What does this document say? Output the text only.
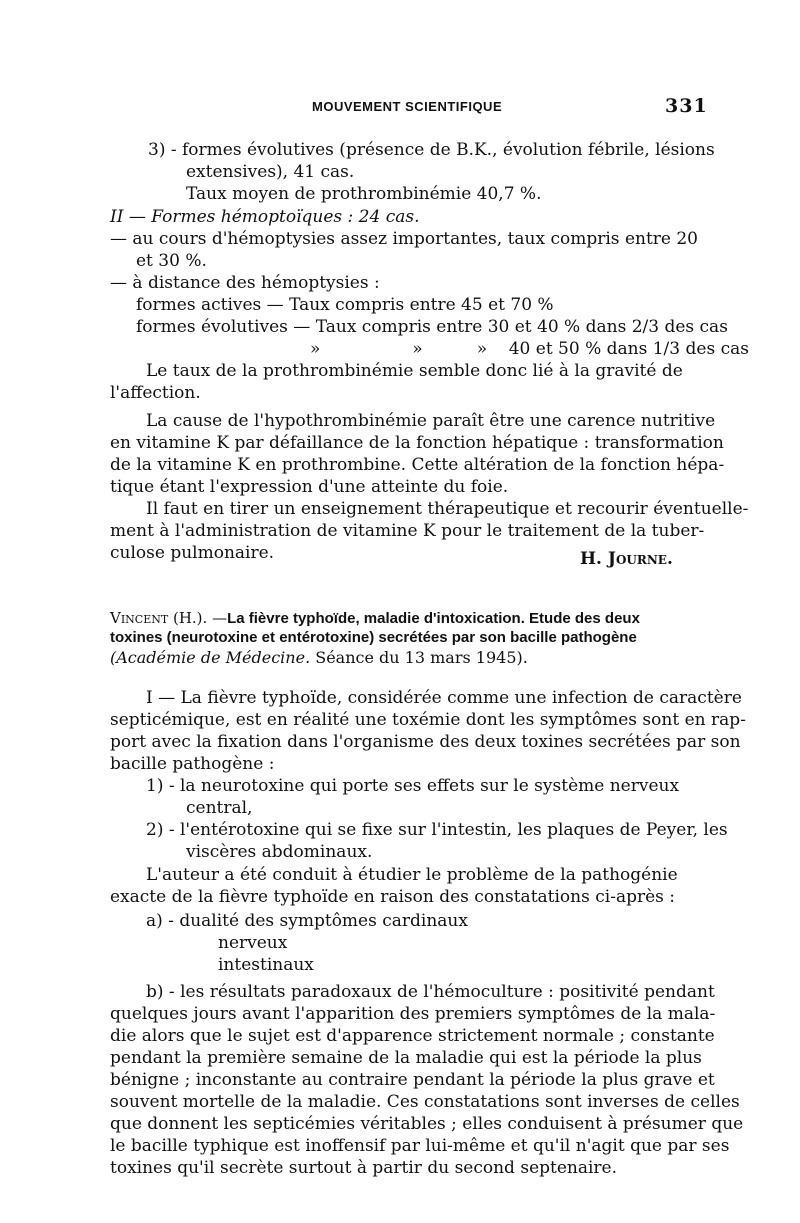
MOUVEMENT SCIENTIFIQUE	331
3) - formes évolutives (présence de B.K., évolution fébrile, lésions
extensives), 41 cas.
Taux moyen de prothrombinémie 40,7 %.
II — Formes hémoptoïques : 24 cas.
— au cours d'hémoptysies assez importantes, taux compris entre 20
et 30 %.
— à distance des hémoptysies :
formes actives — Taux compris entre 45 et 70 %
formes évolutives — Taux compris entre 30 et 40 % dans 2/3 des cas
»                 »          »    40 et 50 % dans 1/3 des cas
Le taux de la prothrombinémie semble donc lié à la gravité de
l'affection.
La cause de l'hypothrombinémie paraît être une carence nutritive
en vitamine K par défaillance de la fonction hépatique : transformation
de la vitamine K en prothrombine. Cette altération de la fonction hépa-
tique étant l'expression d'une atteinte du foie.
Il faut en tirer un enseignement thérapeutique et recourir éventuelle-
ment à l'administration de vitamine K pour le traitement de la tuber-
culose pulmonaire.	H. Journe.
Vincent (H.). —La fièvre typhoïde, maladie d'intoxication. Etude des deux
toxines (neurotoxine et entérotoxine) secrétées par son bacille pathogène
(Académie de Médecine. Séance du 13 mars 1945).
I — La fièvre typhoïde, considérée comme une infection de caractère
septicémique, est en réalité une toxémie dont les symptômes sont en rap-
port avec la fixation dans l'organisme des deux toxines secrétées par son
bacille pathogène :
1) - la neurotoxine qui porte ses effets sur le système nerveux
central,
2) - l'entérotoxine qui se fixe sur l'intestin, les plaques de Peyer, les
viscères abdominaux.
L'auteur a été conduit à étudier le problème de la pathogénie
exacte de la fièvre typhoïde en raison des constatations ci-après :
a) - dualité des symptômes cardinaux
nerveux
intestinaux
b) - les résultats paradoxaux de l'hémoculture : positivité pendant
quelques jours avant l'apparition des premiers symptômes de la mala-
die alors que le sujet est d'apparence strictement normale ; constante
pendant la première semaine de la maladie qui est la période la plus
bénigne ; inconstante au contraire pendant la période la plus grave et
souvent mortelle de la maladie. Ces constatations sont inverses de celles
que donnent les septicémies véritables ; elles conduisent à présumer que
le bacille typhique est inoffensif par lui-même et qu'il n'agit que par ses
toxines qu'il secrète surtout à partir du second septenaire.
